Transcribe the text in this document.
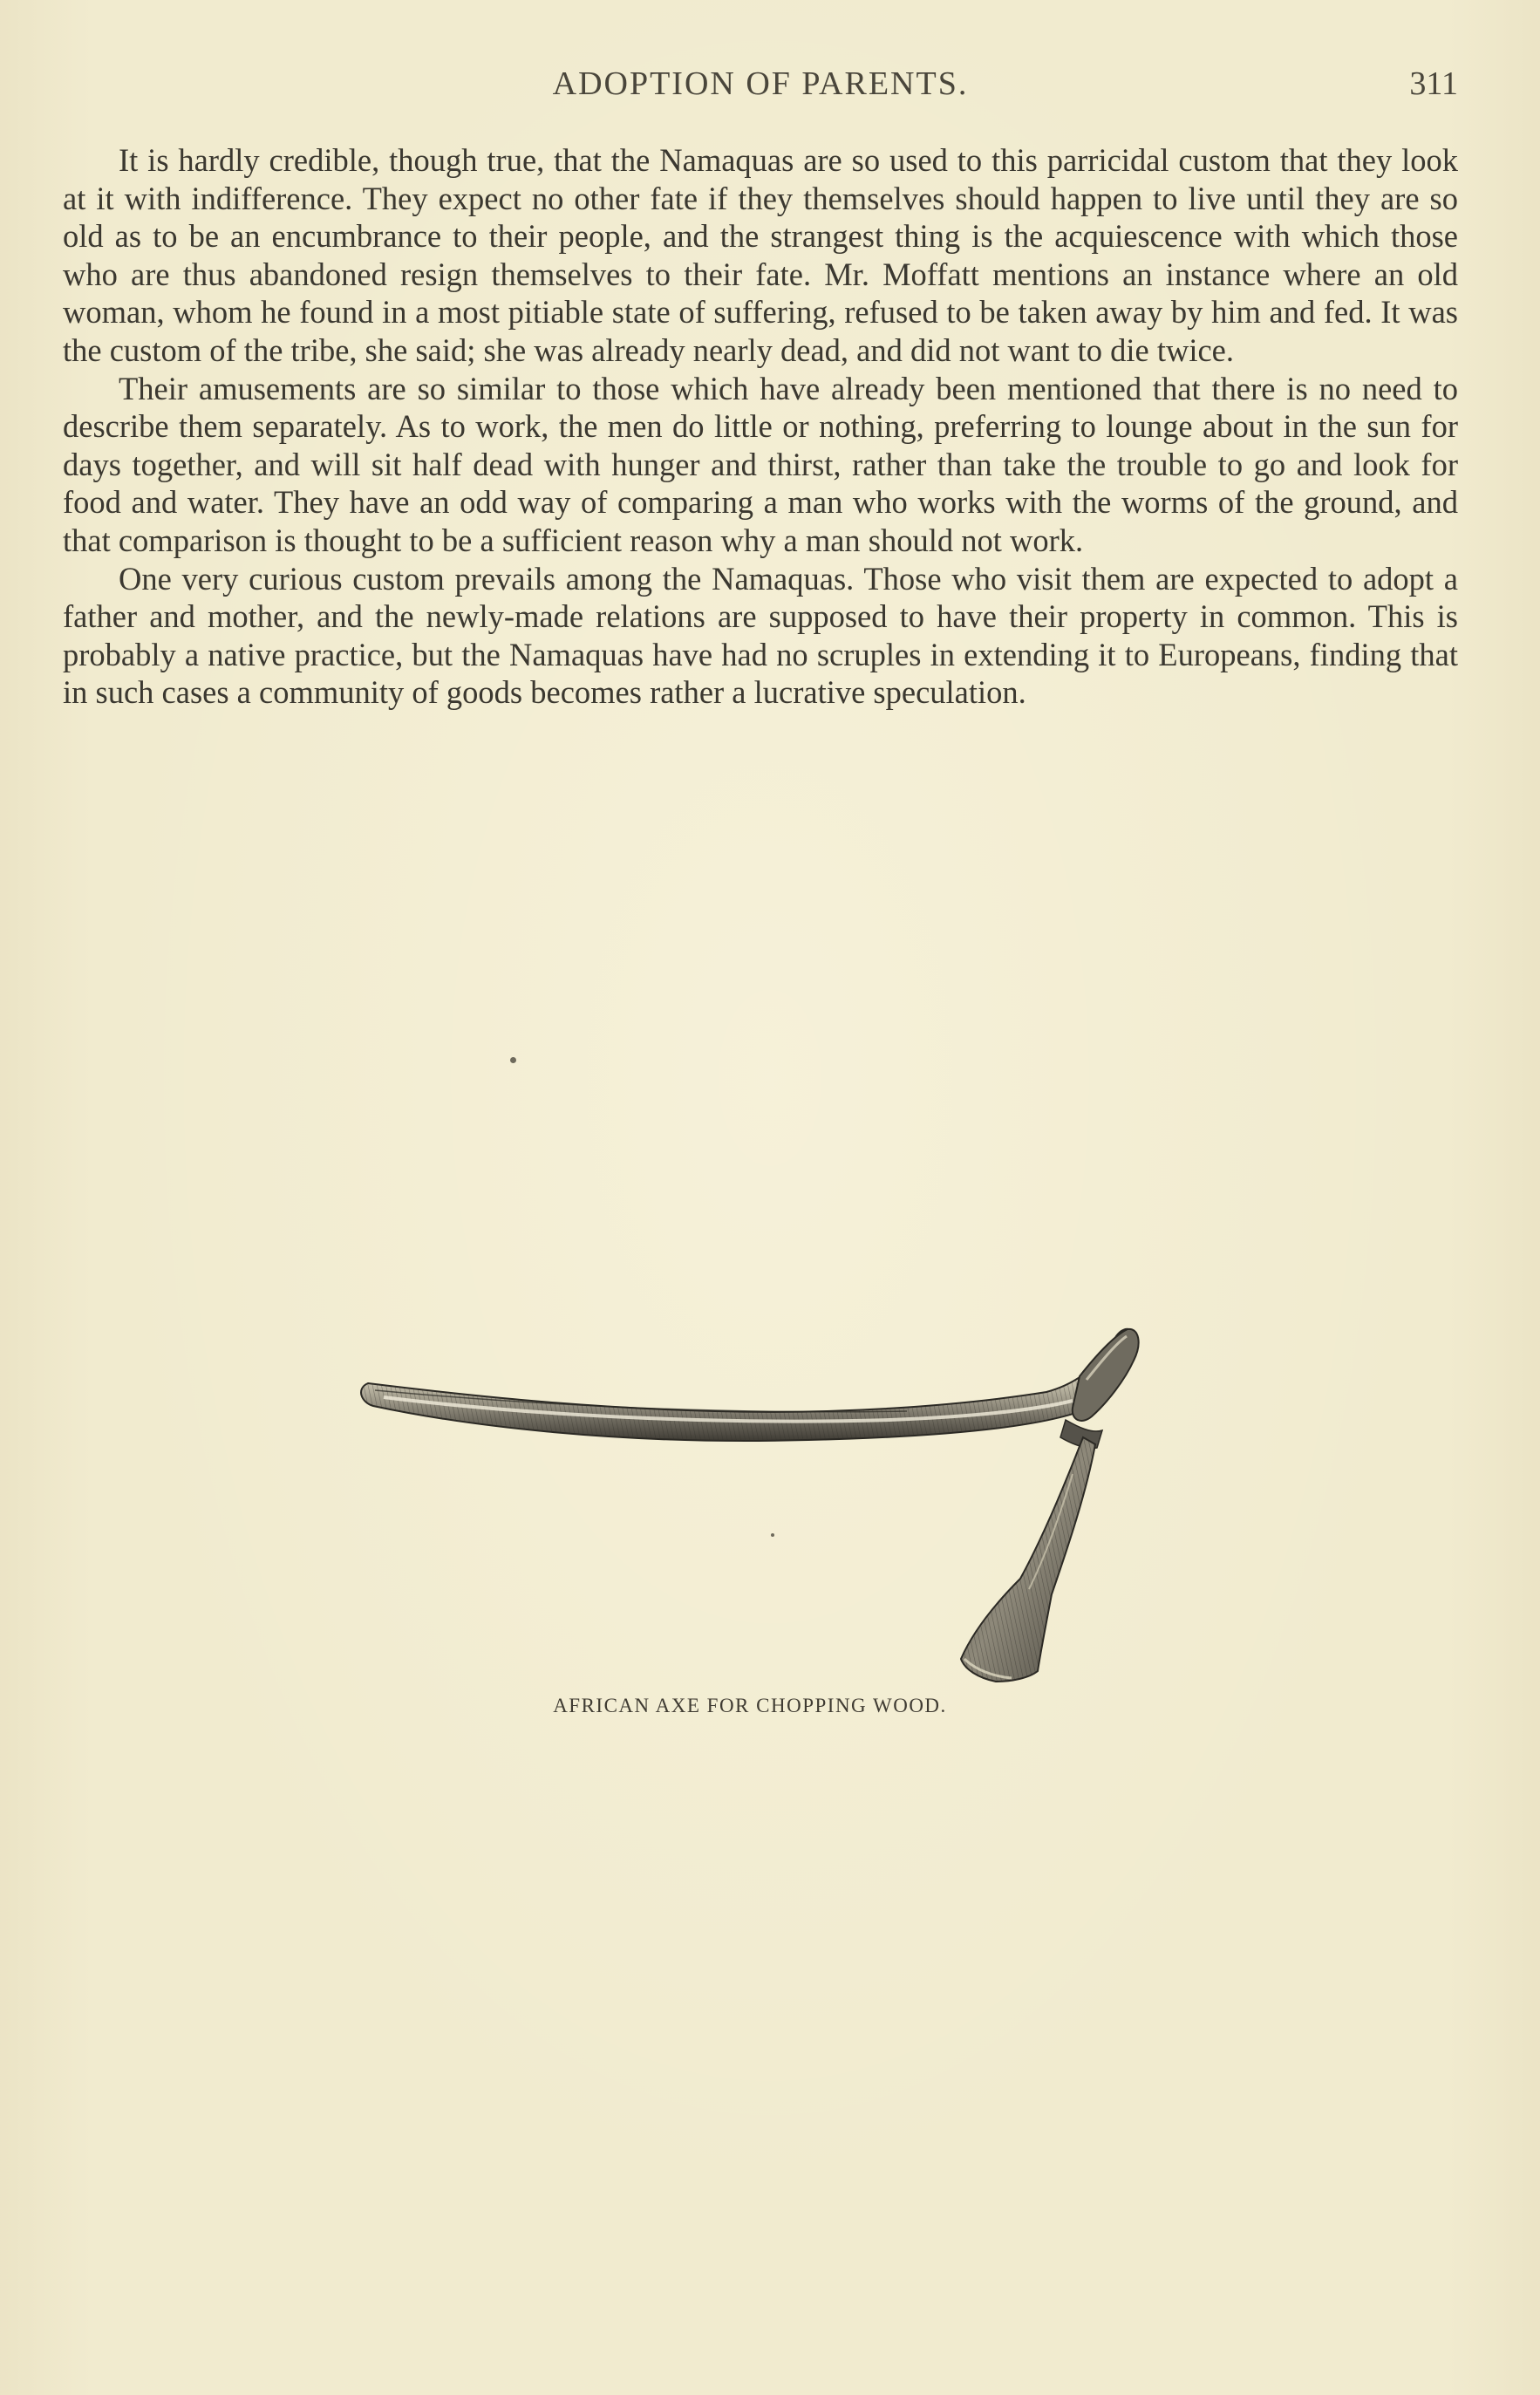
ADOPTION OF PARENTS.	311

It is hardly credible, though true, that the Namaquas are so used to this parricidal custom that they look at it with indifference. They expect no other fate if they themselves should happen to live until they are so old as to be an encumbrance to their people, and the strangest thing is the acquiescence with which those who are thus abandoned resign themselves to their fate. Mr. Moffatt mentions an instance where an old woman, whom he found in a most pitiable state of suffering, refused to be taken away by him and fed. It was the custom of the tribe, she said; she was already nearly dead, and did not want to die twice.

Their amusements are so similar to those which have already been mentioned that there is no need to describe them separately. As to work, the men do little or nothing, preferring to lounge about in the sun for days together, and will sit half dead with hunger and thirst, rather than take the trouble to go and look for food and water. They have an odd way of comparing a man who works with the worms of the ground, and that comparison is thought to be a sufficient reason why a man should not work.

One very curious custom prevails among the Namaquas. Those who visit them are expected to adopt a father and mother, and the newly-made relations are supposed to have their property in common. This is probably a native practice, but the Namaquas have had no scruples in extending it to Europeans, finding that in such cases a community of goods becomes rather a lucrative speculation.

AFRICAN AXE FOR CHOPPING WOOD.
